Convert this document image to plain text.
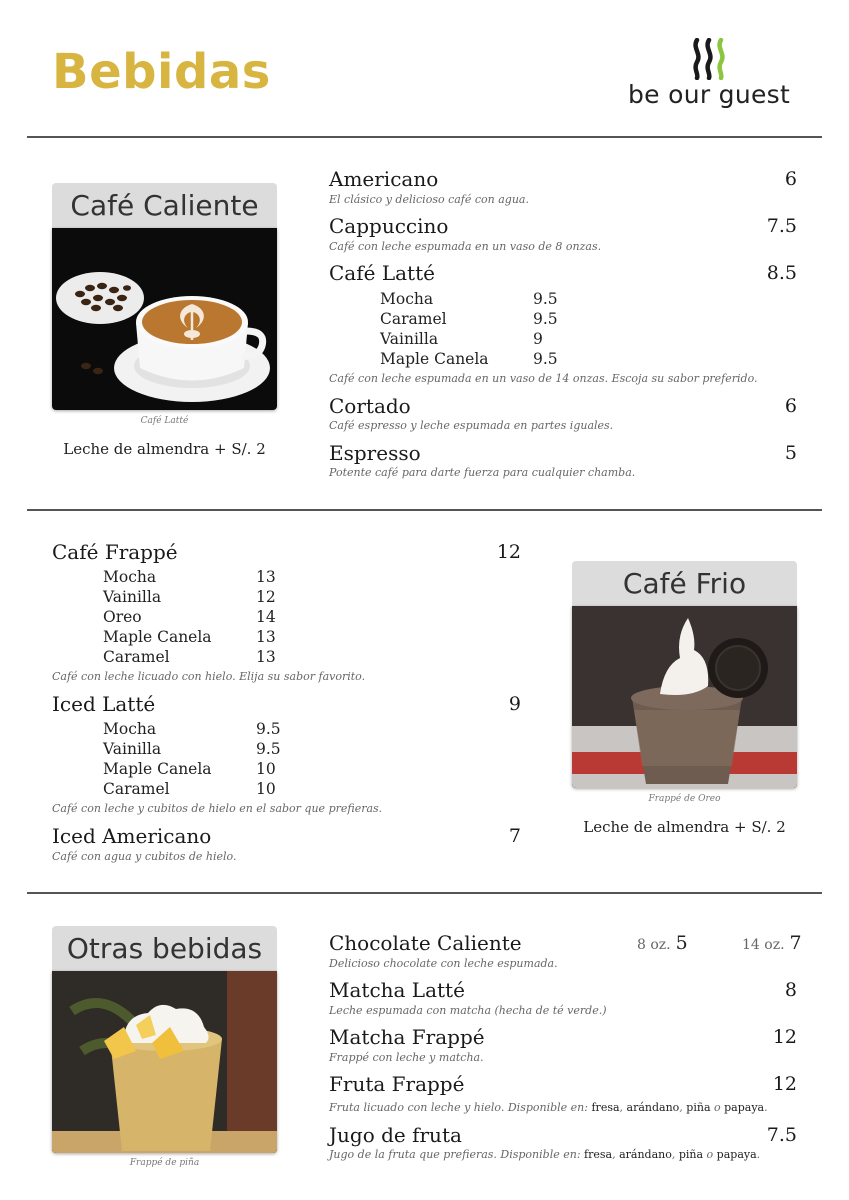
Bebidas	be our guest
Café Caliente
Café Latté
Leche de almendra + S/. 2
Americano	6
El clásico y delicioso café con agua.
Cappuccino	7.5
Café con leche espumada en un vaso de 8 onzas.
Café Latté	8.5
Mocha	9.5
Caramel	9.5
Vainilla	9
Maple Canela	9.5
Café con leche espumada en un vaso de 14 onzas. Escoja su sabor preferido.
Cortado	6
Café espresso y leche espumada en partes iguales.
Espresso	5
Potente café para darte fuerza para cualquier chamba.
Café Frappé	12
Mocha	13
Vainilla	12
Oreo	14
Maple Canela	13
Caramel	13
Café con leche licuado con hielo. Elija su sabor favorito.
Iced Latté	9
Mocha	9.5
Vainilla	9.5
Maple Canela	10
Caramel	10
Café con leche y cubitos de hielo en el sabor que prefieras.
Iced Americano	7
Café con agua y cubitos de hielo.
Café Frio
Frappé de Oreo
Leche de almendra + S/. 2
Otras bebidas
Frappé de piña
Chocolate Caliente	8 oz. 5	14 oz. 7
Delicioso chocolate con leche espumada.
Matcha Latté	8
Leche espumada con matcha (hecha de té verde.)
Matcha Frappé	12
Frappé con leche y matcha.
Fruta Frappé	12
Fruta licuado con leche y hielo. Disponible en: fresa, arándano, piña o papaya.
Jugo de fruta	7.5
Jugo de la fruta que prefieras. Disponible en: fresa, arándano, piña o papaya.
